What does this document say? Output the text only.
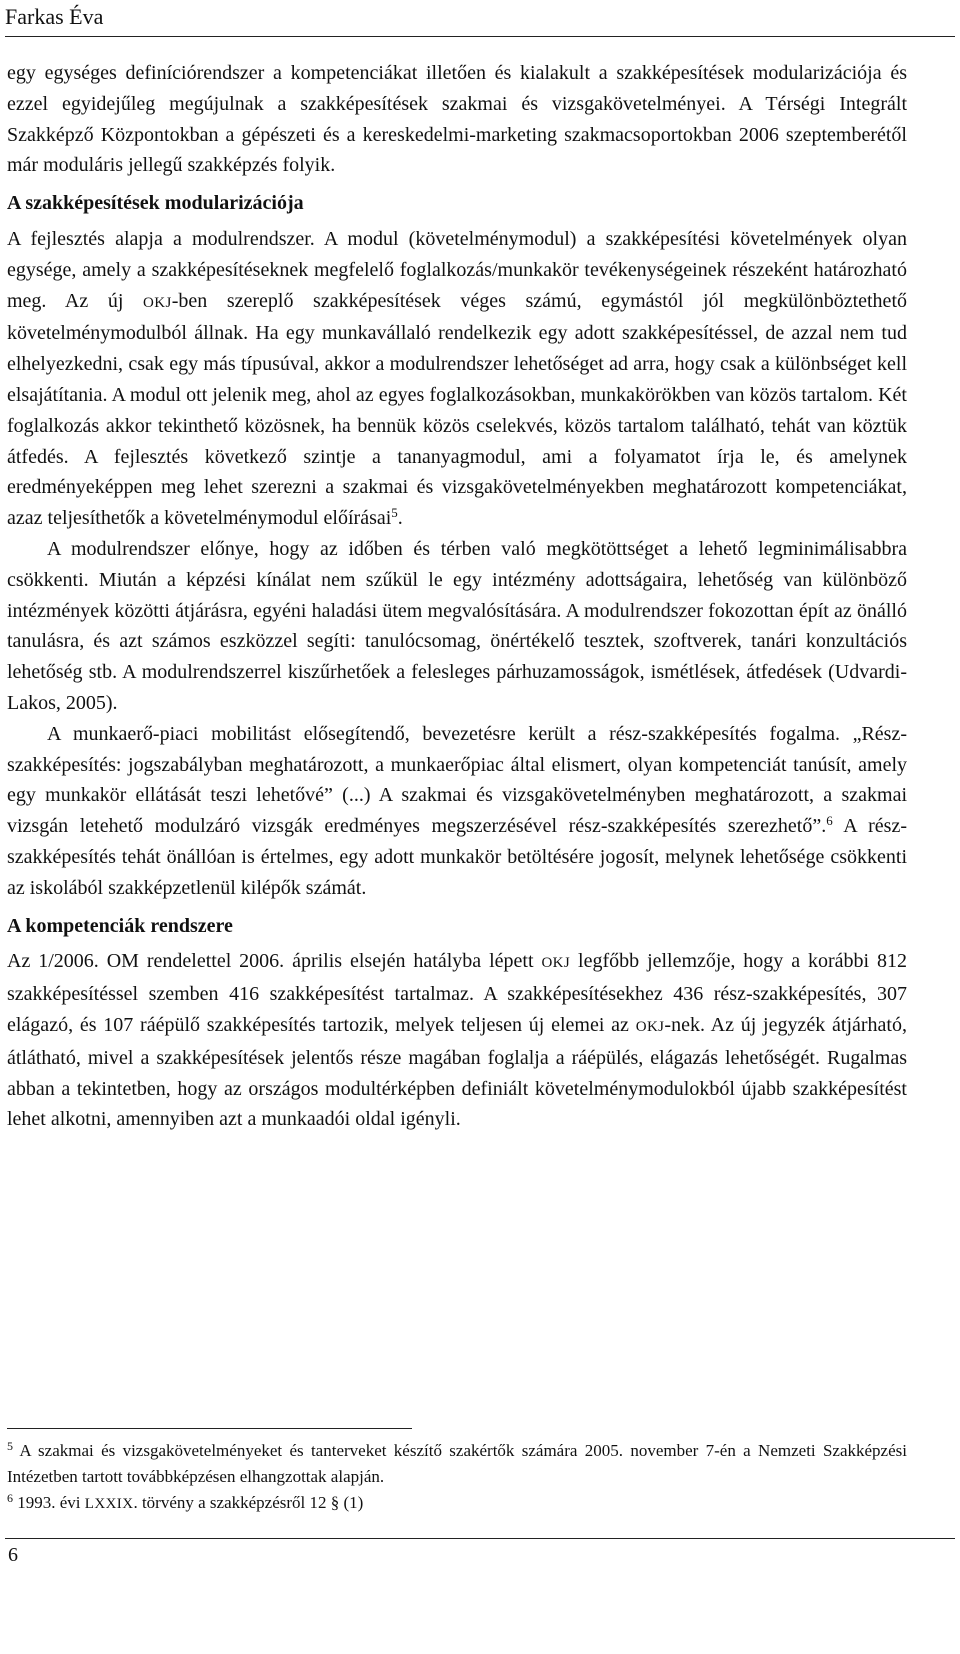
Farkas Éva

egy egységes definíciórendszer a kompetenciákat illetően és kialakult a szakképesítések modularizációja és ezzel egyidejűleg megújulnak a szakképesítések szakmai és vizsgakövetelményei. A Térségi Integrált Szakképző Központokban a gépészeti és a kereskedelmi-marketing szakmacsoportokban 2006 szeptemberétől már moduláris jellegű szakképzés folyik.

A szakképesítések modularizációja

A fejlesztés alapja a modulrendszer. A modul (követelménymodul) a szakképesítési követelmények olyan egysége, amely a szakképesítéseknek megfelelő foglalkozás/munkakör tevékenységeinek részeként határozható meg. Az új OKJ-ben szereplő szakképesítések véges számú, egymástól jól megkülönböztethető követelménymodulból állnak. Ha egy munkavállaló rendelkezik egy adott szakképesítéssel, de azzal nem tud elhelyezkedni, csak egy más típusúval, akkor a modulrendszer lehetőséget ad arra, hogy csak a különbséget kell elsajátítania. A modul ott jelenik meg, ahol az egyes foglalkozásokban, munkakörökben van közös tartalom. Két foglalkozás akkor tekinthető közösnek, ha bennük közös cselekvés, közös tartalom található, tehát van köztük átfedés. A fejlesztés következő szintje a tananyagmodul, ami a folyamatot írja le, és amelynek eredményeképpen meg lehet szerezni a szakmai és vizsgakövetelményekben meghatározott kompetenciákat, azaz teljesíthetők a követelménymodul előírásai$^5$.

A modulrendszer előnye, hogy az időben és térben való megkötöttséget a lehető legminimálisabbra csökkenti. Miután a képzési kínálat nem szűkül le egy intézmény adottságaira, lehetőség van különböző intézmények közötti átjárásra, egyéni haladási ütem megvalósítására. A modulrendszer fokozottan épít az önálló tanulásra, és azt számos eszközzel segíti: tanulócsomag, önértékelő tesztek, szoftverek, tanári konzultációs lehetőség stb. A modulrendszerrel kiszűrhetőek a felesleges párhuzamosságok, ismétlések, átfedések (Udvardi-Lakos, 2005).

A munkaerő-piaci mobilitást elősegítendő, bevezetésre került a rész-szakképesítés fogalma. „Rész-szakképesítés: jogszabályban meghatározott, a munkaerőpiac által elismert, olyan kompetenciát tanúsít, amely egy munkakör ellátását teszi lehetővé” (...) A szakmai és vizsgakövetelményben meghatározott, a szakmai vizsgán letehető modulzáró vizsgák eredményes megszerzésével rész-szakképesítés szerezhető”.$^6$ A rész-szakképesítés tehát önállóan is értelmes, egy adott munkakör betöltésére jogosít, melynek lehetősége csökkenti az iskolából szakképzetlenül kilépők számát.

A kompetenciák rendszere

Az 1/2006. OM rendelettel 2006. április elsején hatályba lépett OKJ legfőbb jellemzője, hogy a korábbi 812 szakképesítéssel szemben 416 szakképesítést tartalmaz. A szakképesítésekhez 436 rész-szakképesítés, 307 elágazó, és 107 ráépülő szakképesítés tartozik, melyek teljesen új elemei az OKJ-nek. Az új jegyzék átjárható, átlátható, mivel a szakképesítések jelentős része magában foglalja a ráépülés, elágazás lehetőségét. Rugalmas abban a tekintetben, hogy az országos modultérképben definiált követelménymodulokból újabb szakképesítést lehet alkotni, amennyiben azt a munkaadói oldal igényli.

$^5$ A szakmai és vizsgakövetelményeket és tanterveket készítő szakértők számára 2005. november 7-én a Nemzeti Szakképzési Intézetben tartott továbbképzésen elhangzottak alapján.

$^6$ 1993. évi LXXIX. törvény a szakképzésről 12 § (1)

6
